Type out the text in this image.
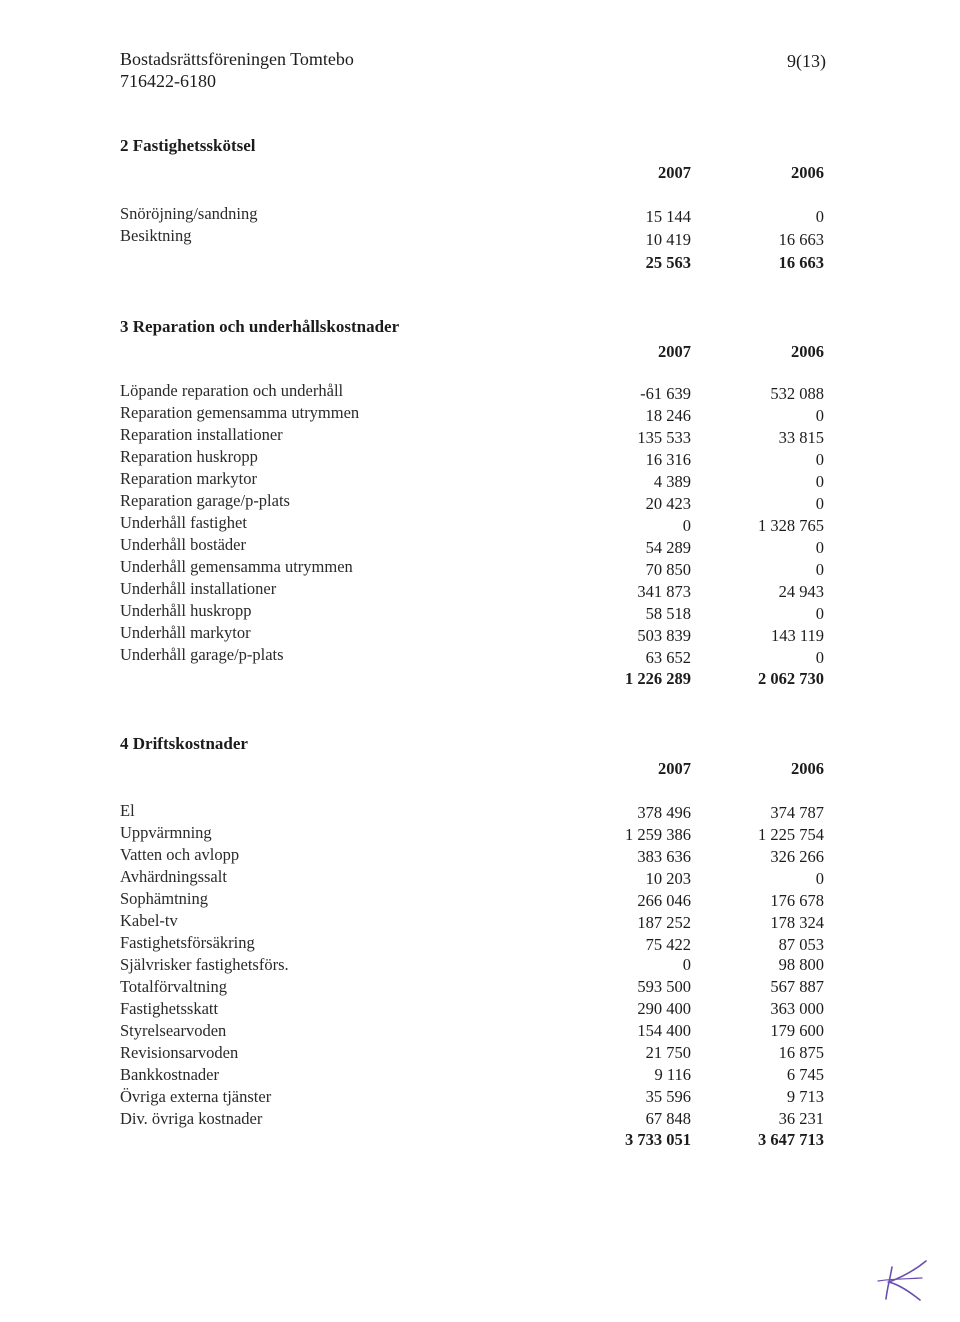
Bostadsrättsföreningen Tomtebo
716422-6180
9(13)
2 Fastighetsskötsel
2007	2006
Snöröjning/sandning	15 144	0
Besiktning	10 419	16 663
25 563	16 663
3 Reparation och underhållskostnader
2007	2006
Löpande reparation och underhåll	-61 639	532 088
Reparation gemensamma utrymmen	18 246	0
Reparation installationer	135 533	33 815
Reparation huskropp	16 316	0
Reparation markytor	4 389	0
Reparation garage/p-plats	20 423	0
Underhåll fastighet	0	1 328 765
Underhåll bostäder	54 289	0
Underhåll gemensamma utrymmen	70 850	0
Underhåll installationer	341 873	24 943
Underhåll huskropp	58 518	0
Underhåll markytor	503 839	143 119
Underhåll garage/p-plats	63 652	0
1 226 289	2 062 730
4 Driftskostnader
2007	2006
El	378 496	374 787
Uppvärmning	1 259 386	1 225 754
Vatten och avlopp	383 636	326 266
Avhärdningssalt	10 203	0
Sophämtning	266 046	176 678
Kabel-tv	187 252	178 324
Fastighetsförsäkring	75 422	87 053
Självrisker fastighetsförs.	0	98 800
Totalförvaltning	593 500	567 887
Fastighetsskatt	290 400	363 000
Styrelsearvoden	154 400	179 600
Revisionsarvoden	21 750	16 875
Bankkostnader	9 116	6 745
Övriga externa tjänster	35 596	9 713
Div. övriga kostnader	67 848	36 231
3 733 051	3 647 713
